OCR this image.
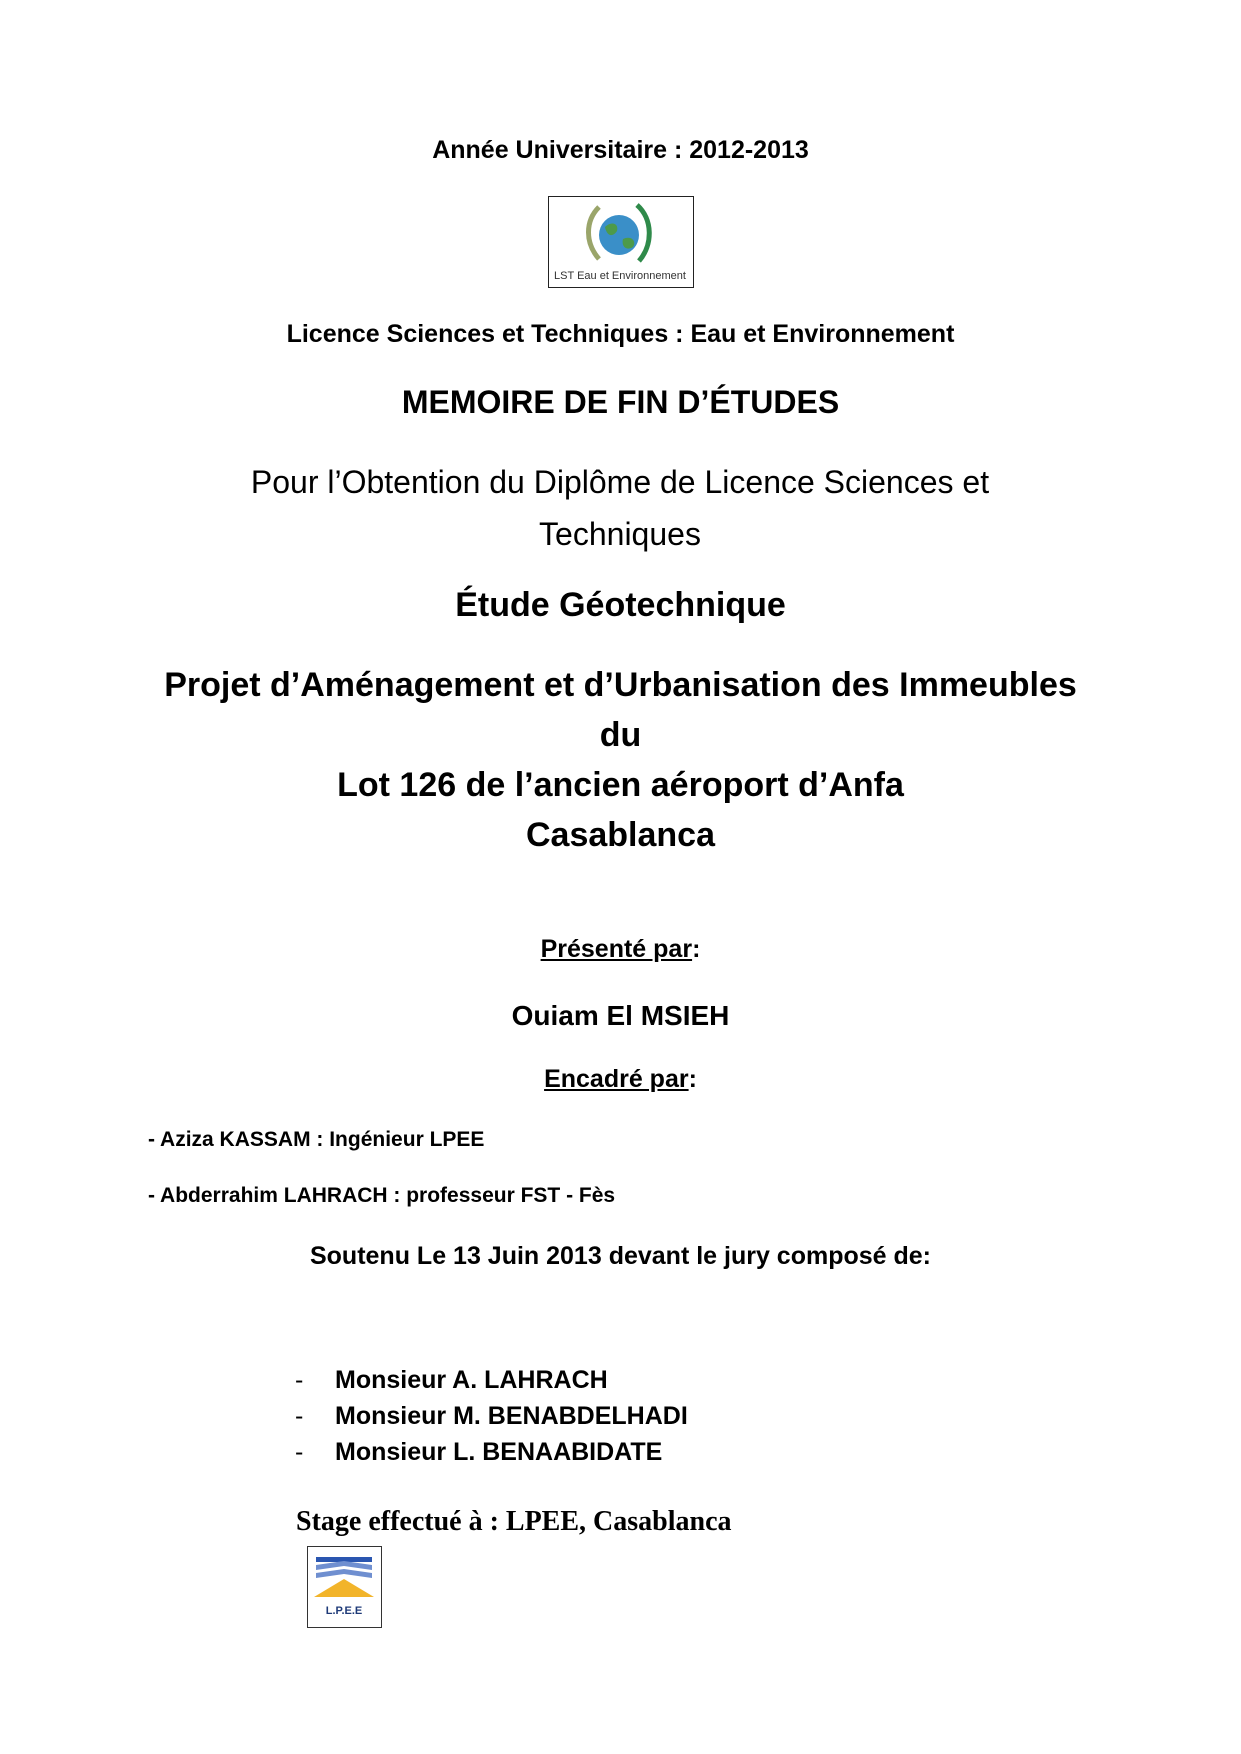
Année Universitaire : 2012-2013
LST Eau et Environnement
Licence Sciences et Techniques : Eau et Environnement
MEMOIRE DE FIN D’ÉTUDES
Pour l’Obtention du Diplôme de Licence Sciences et Techniques
Étude Géotechnique
Projet d’Aménagement et d’Urbanisation des Immeubles
du
Lot 126 de l’ancien aéroport d’Anfa
Casablanca
Présenté par:
Ouiam El MSIEH
Encadré par:
- Aziza KASSAM : Ingénieur LPEE
- Abderrahim LAHRACH : professeur FST - Fès
Soutenu Le 13 Juin 2013 devant le jury composé de:
-	Monsieur A. LAHRACH
-	Monsieur M. BENABDELHADI
-	Monsieur L. BENAABIDATE
Stage effectué à : LPEE, Casablanca
L.P.E.E
